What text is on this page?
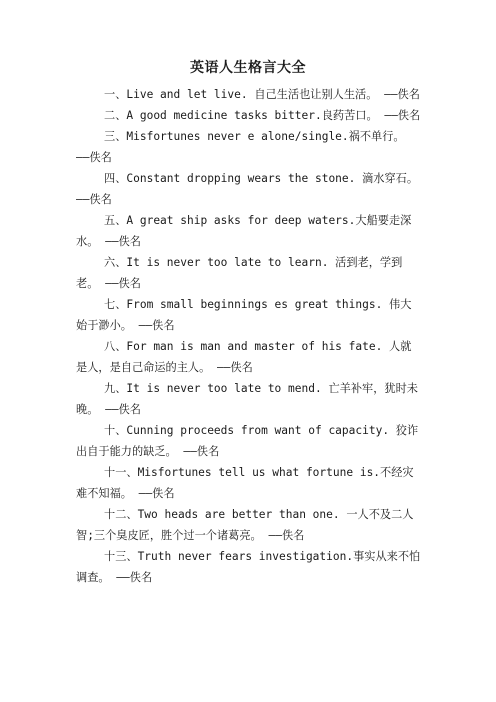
英语人生格言大全

一、Live and let live. 自己生活也让别人生活。 ——佚名

二、A good medicine tasks bitter.良药苦口。 ——佚名

三、Misfortunes never e alone/single.祸不单行。 ——佚名

四、Constant dropping wears the stone. 滴水穿石。 ——佚名

五、A great ship asks for deep waters.大船要走深水。 ——佚名

六、It is never too late to learn. 活到老，学到老。 ——佚名

七、From small beginnings es great things. 伟大始于渺小。 ——佚名

八、For man is man and master of his fate. 人就是人，是自己命运的主人。 ——佚名

九、It is never too late to mend. 亡羊补牢，犹时未晚。 ——佚名

十、Cunning proceeds from want of capacity. 狡诈出自于能力的缺乏。 ——佚名

十一、Misfortunes tell us what fortune is.不经灾难不知福。 ——佚名

十二、Two heads are better than one. 一人不及二人智;三个臭皮匠，胜个过一个诸葛亮。 ——佚名

十三、Truth never fears investigation.事实从来不怕调查。 ——佚名
